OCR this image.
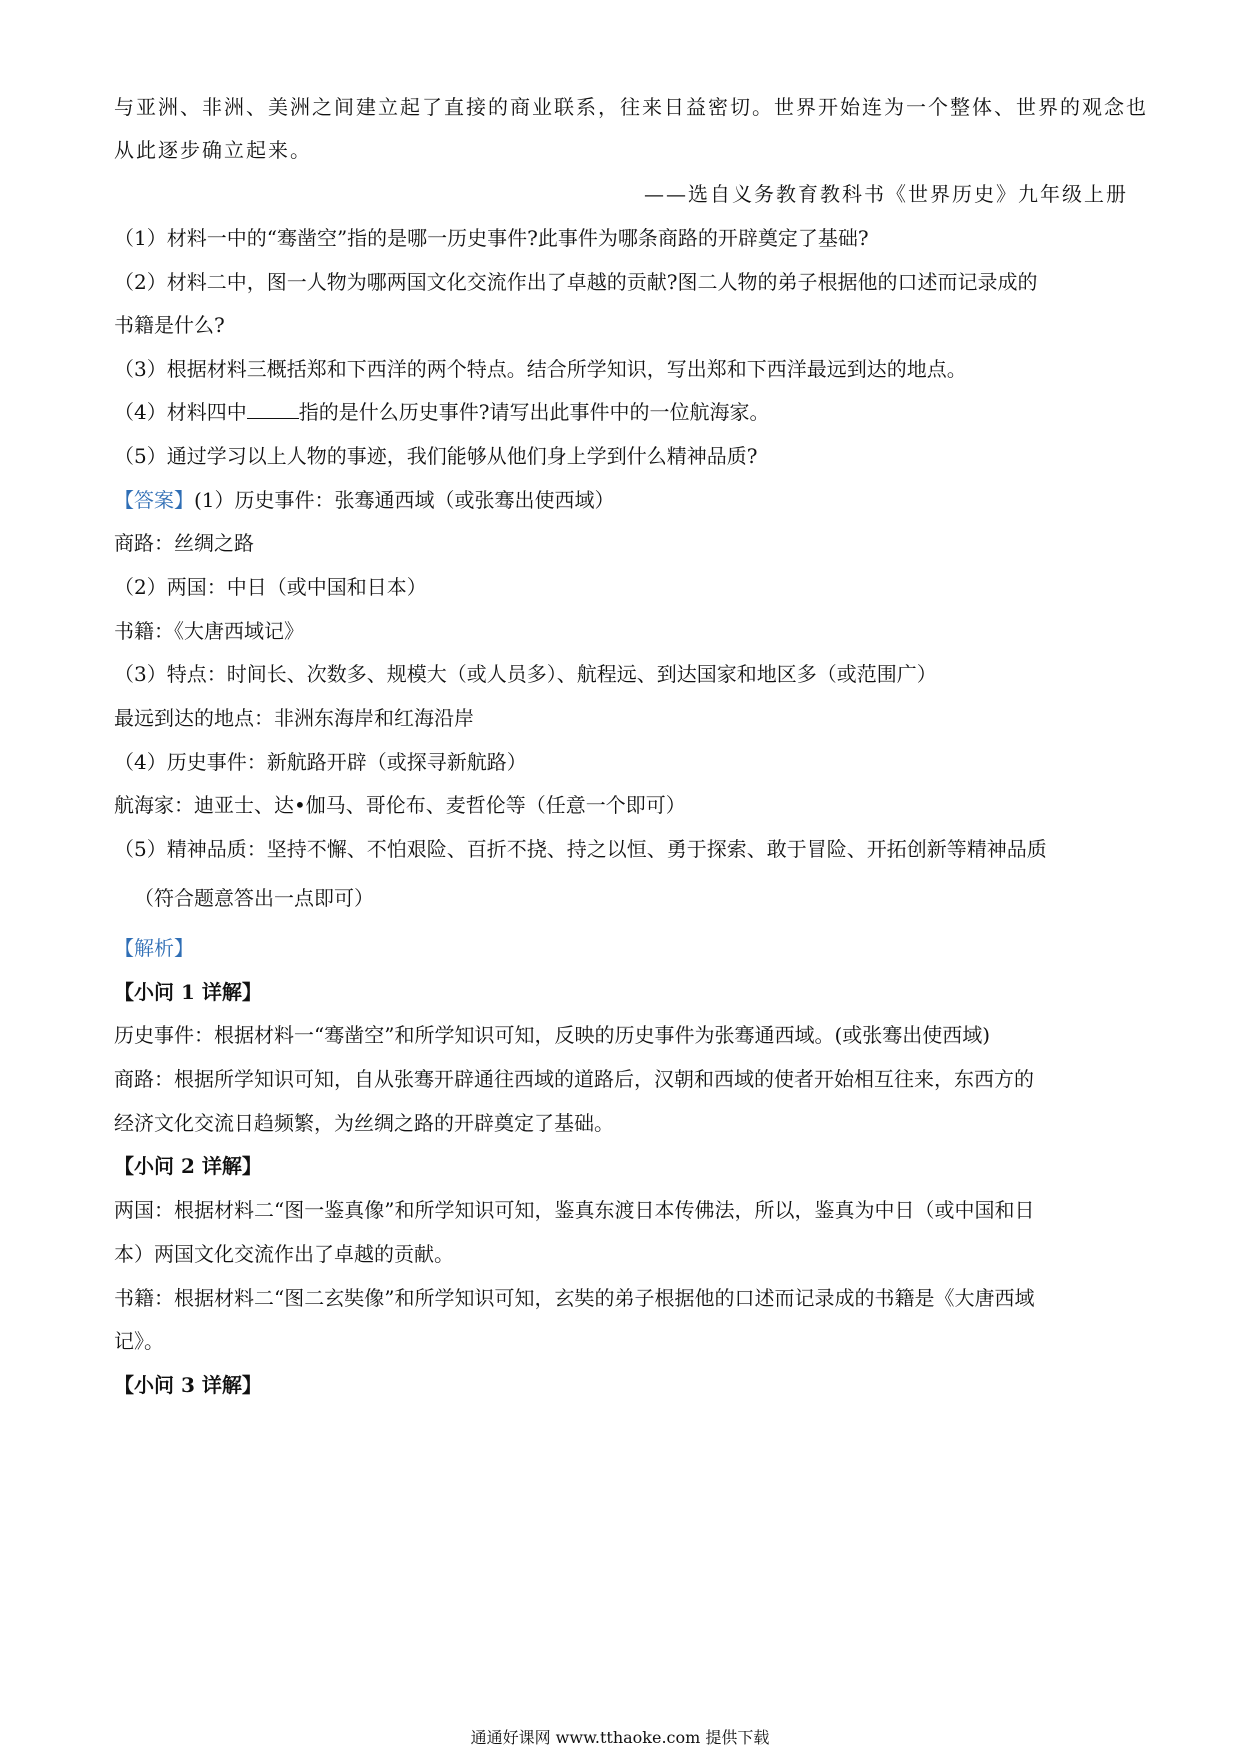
与亚洲、非洲、美洲之间建立起了直接的商业联系，往来日益密切。世界开始连为一个整体、世界的观念也
从此逐步确立起来。
——选自义务教育教科书《世界历史》九年级上册
（1）材料一中的“骞凿空”指的是哪一历史事件?此事件为哪条商路的开辟奠定了基础?
（2）材料二中，图一人物为哪两国文化交流作出了卓越的贡献?图二人物的弟子根据他的口述而记录成的
书籍是什么?
（3）根据材料三概括郑和下西洋的两个特点。结合所学知识，写出郑和下西洋最远到达的地点。
（4）材料四中	指的是什么历史事件?请写出此事件中的一位航海家。
（5）通过学习以上人物的事迹，我们能够从他们身上学到什么精神品质?
【答案】(1）历史事件：张骞通西域（或张骞出使西域）
商路：丝绸之路
（2）两国：中日（或中国和日本）
书籍：《大唐西域记》
（3）特点：时间长、次数多、规模大（或人员多）、航程远、到达国家和地区多（或范围广）
最远到达的地点：非洲东海岸和红海沿岸
（4）历史事件：新航路开辟（或探寻新航路）
航海家：迪亚士、达•伽马、哥伦布、麦哲伦等（任意一个即可）
（5）精神品质：坚持不懈、不怕艰险、百折不挠、持之以恒、勇于探索、敢于冒险、开拓创新等精神品质
（符合题意答出一点即可）
【解析】
【小问 1 详解】
历史事件：根据材料一“骞凿空”和所学知识可知，反映的历史事件为张骞通西域。(或张骞出使西域)
商路：根据所学知识可知，自从张骞开辟通往西域的道路后，汉朝和西域的使者开始相互往来，东西方的
经济文化交流日趋频繁，为丝绸之路的开辟奠定了基础。
【小问 2 详解】
两国：根据材料二“图一鉴真像”和所学知识可知，鉴真东渡日本传佛法，所以，鉴真为中日（或中国和日
本）两国文化交流作出了卓越的贡献。
书籍：根据材料二“图二玄奘像”和所学知识可知，玄奘的弟子根据他的口述而记录成的书籍是《大唐西域
记》。
【小问 3 详解】
通通好课网 www.tthaoke.com 提供下载
